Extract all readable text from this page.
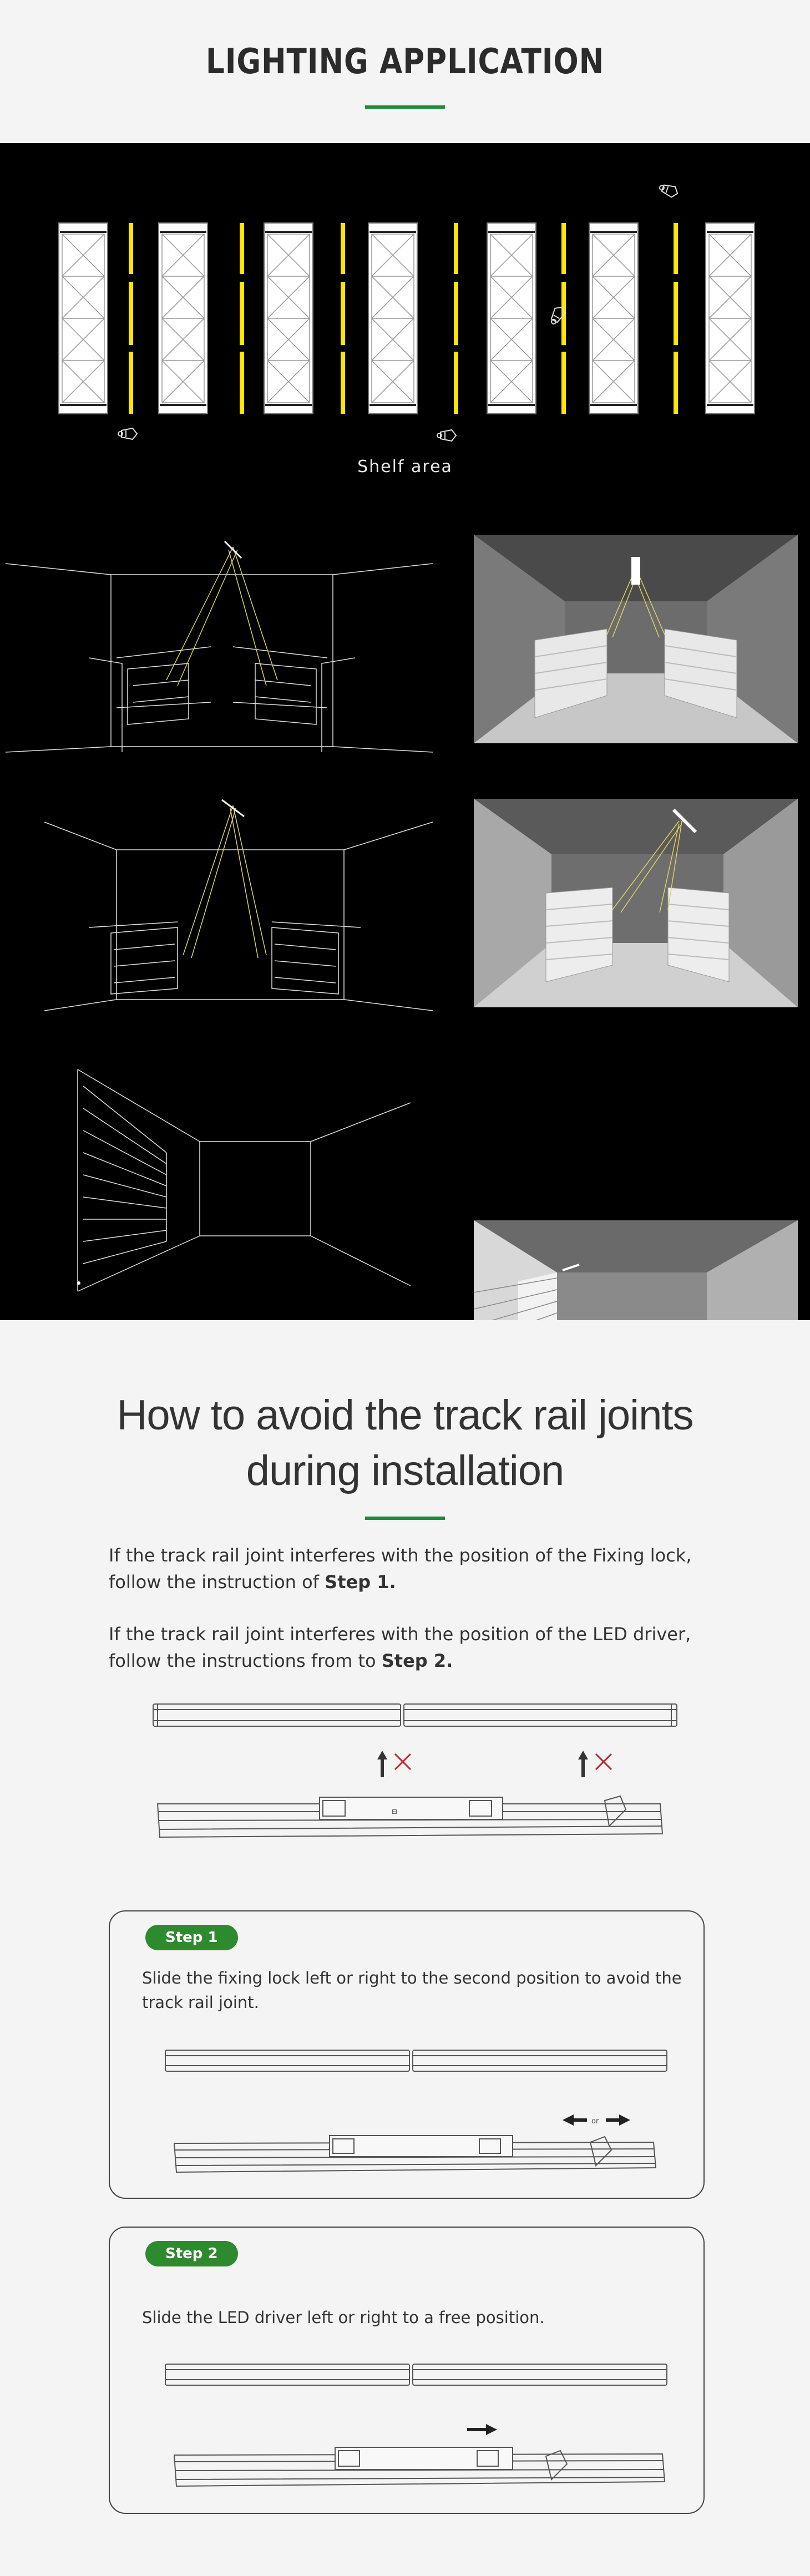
LIGHTING APPLICATION
Shelf area
How to avoid the track rail joints
during installation
If the track rail joint interferes with the position of the Fixing lock, follow the instruction of Step 1.
If the track rail joint interferes with the position of the LED driver, follow the instructions from to Step 2.
⊟
Step 1
Slide the fixing lock left or right to the second position to avoid the track rail joint.
or
Step 2
Slide the LED driver left or right to a free position.
